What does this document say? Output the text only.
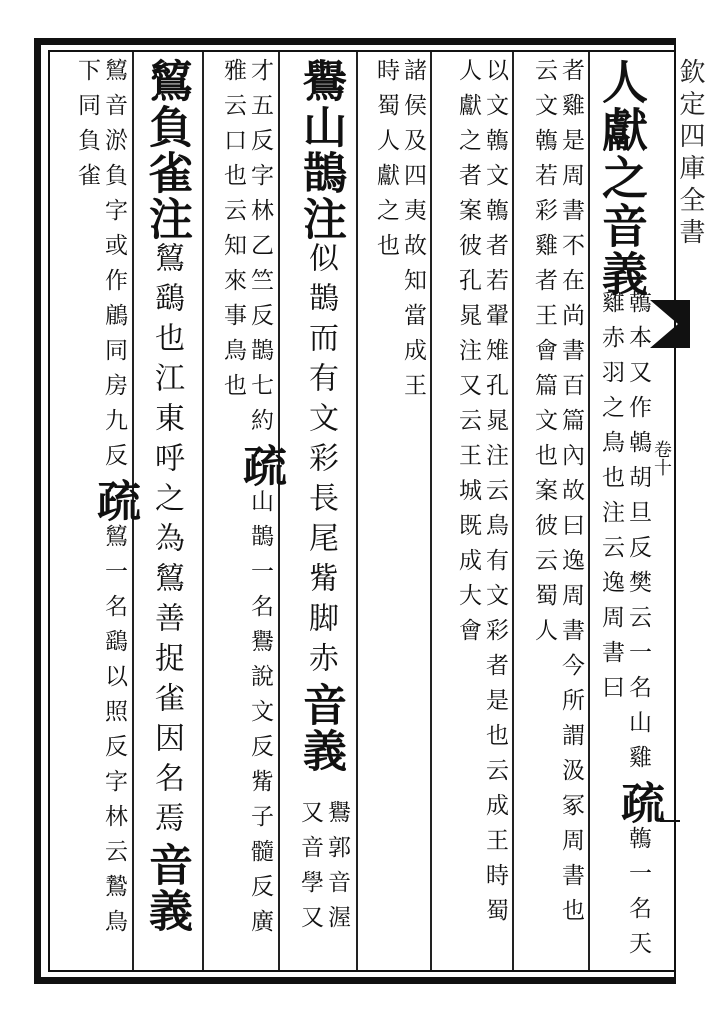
欽定四庫全書
卷十
人獻之音義
鶾本又作鵫胡旦反樊云一名山雞疏鶾一名天雞赤羽之鳥也注云逸周書曰
者雞是周書不在尚書百篇內故曰逸周書今所謂汲冢周書也云文鶾若彩雞者王會篇文也案彼云蜀人
以文鶾文鶾者若翬雉孔晁注云鳥有文彩者是也云成王時蜀人獻之者案彼孔晁注又云王城既成大會
諸侯及四夷故知當成王時蜀人獻之也
鸒山鵲注似鵲而有文彩長尾觜脚赤音義
鸒郭音渥又音學又
才五反字林乙竺反鵲七約疏山鵲一名鸒說文反觜子髓反廣雅云口也云知來事鳥也
鶭負雀注鶭鷂也江東呼之為鶭善捉雀因名焉音義
鶭音淤負字或作鵳同房九反疏鶭一名鷂以照反字林云鷙鳥下同負雀
